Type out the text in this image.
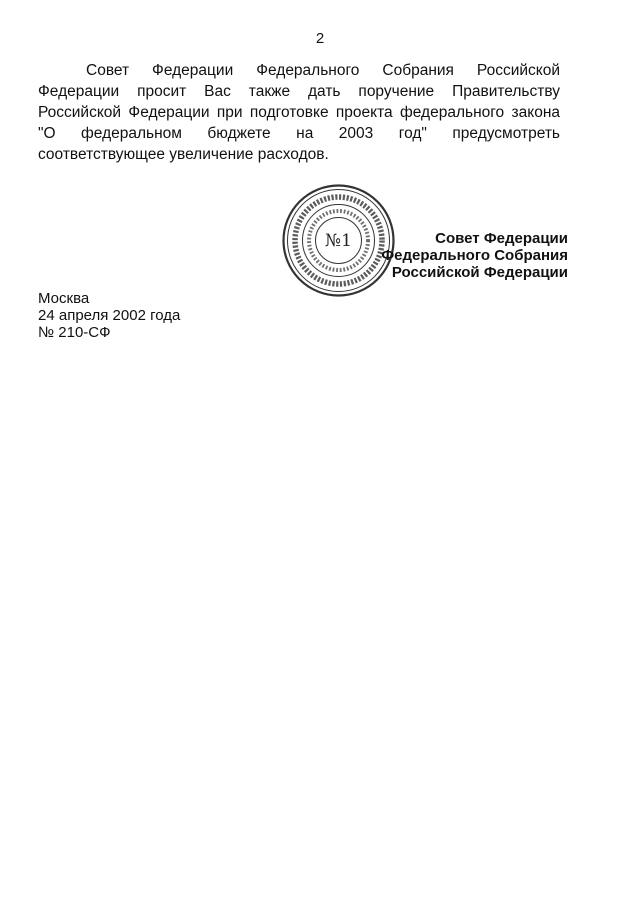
2

Совет Федерации Федерального Собрания Российской Федерации просит Вас также дать поручение Правительству Российской Федерации при подготовке проекта федерального закона "О федеральном бюджете на 2003 год" предусмотреть соответствующее увеличение расходов.

№1	Совет Федерации
Федерального Собрания
Российской Федерации
Москва
24 апреля 2002 года
№ 210-СФ
